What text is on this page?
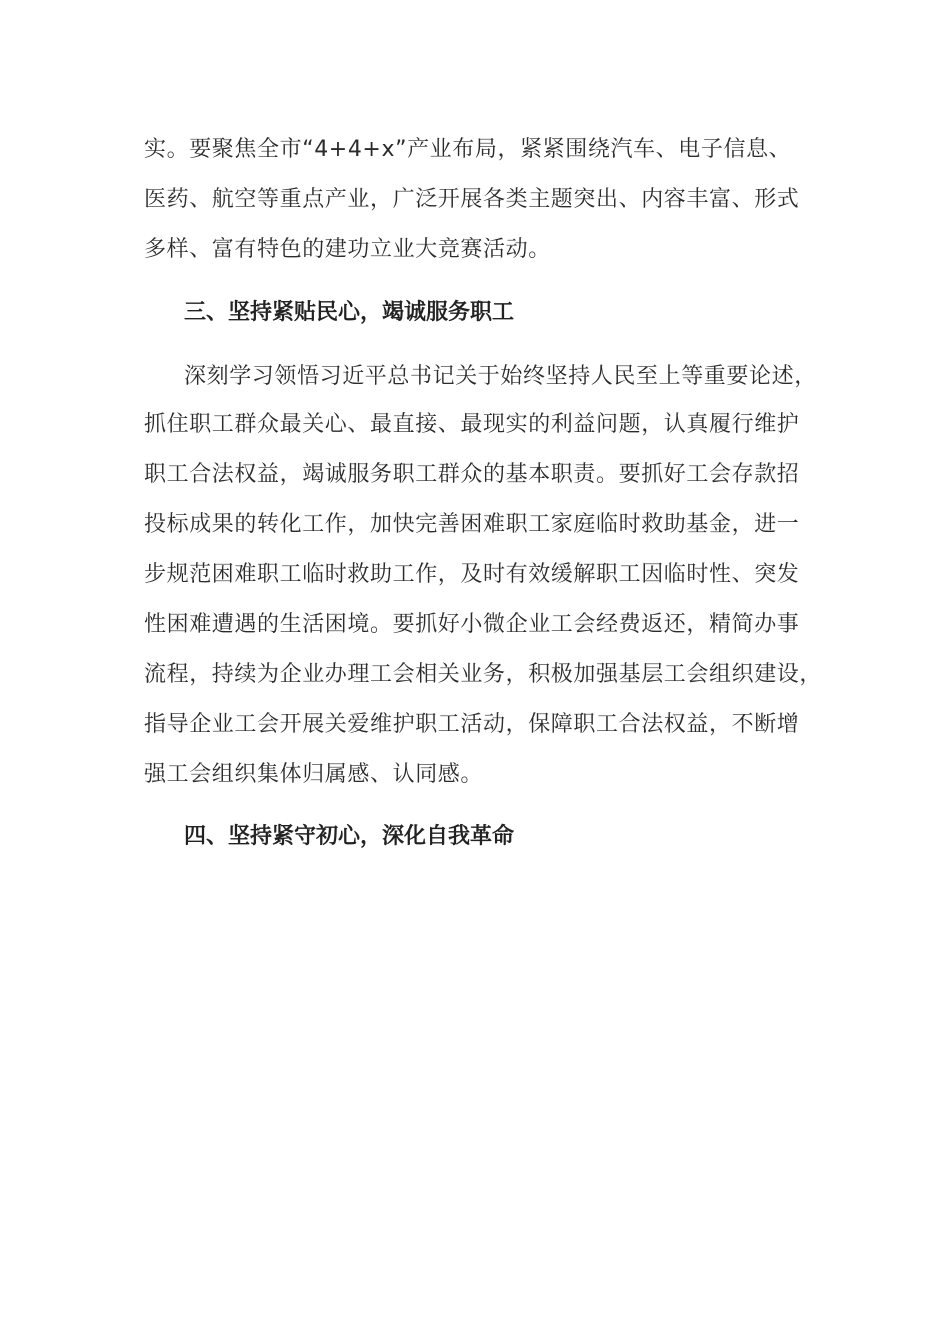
实。要聚焦全市“4+4+x”产业布局，紧紧围绕汽车、电子信息、
医药、航空等重点产业，广泛开展各类主题突出、内容丰富、形式
多样、富有特色的建功立业大竞赛活动。
三、坚持紧贴民心，竭诚服务职工
深刻学习领悟习近平总书记关于始终坚持人民至上等重要论述，
抓住职工群众最关心、最直接、最现实的利益问题，认真履行维护
职工合法权益，竭诚服务职工群众的基本职责。要抓好工会存款招
投标成果的转化工作，加快完善困难职工家庭临时救助基金，进一
步规范困难职工临时救助工作，及时有效缓解职工因临时性、突发
性困难遭遇的生活困境。要抓好小微企业工会经费返还，精简办事
流程，持续为企业办理工会相关业务，积极加强基层工会组织建设，
指导企业工会开展关爱维护职工活动，保障职工合法权益，不断增
强工会组织集体归属感、认同感。
四、坚持紧守初心，深化自我革命
